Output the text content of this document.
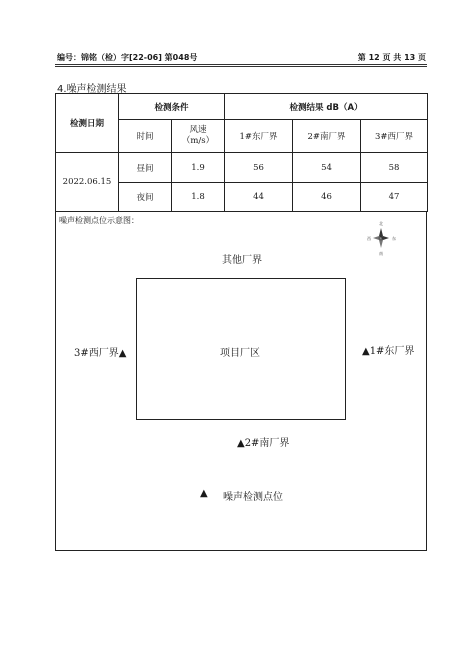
编号：锦铭（检）字[22-06] 第048号	第 12 页 共 13 页
4.噪声检测结果
检测日期	检测条件		检测结果 dB（A）		
	时间	风速
（m/s）	1#东厂界	2#南厂界	3#西厂界
2022.06.15	昼间	1.9	56	54	58
	夜间	1.8	44	46	47
噪声检测点位示意图：	北
南
西	东
其他厂界
项目厂区	▲1#东厂界
▲2#南厂界
3#西厂界▲
▲ 噪声检测点位
